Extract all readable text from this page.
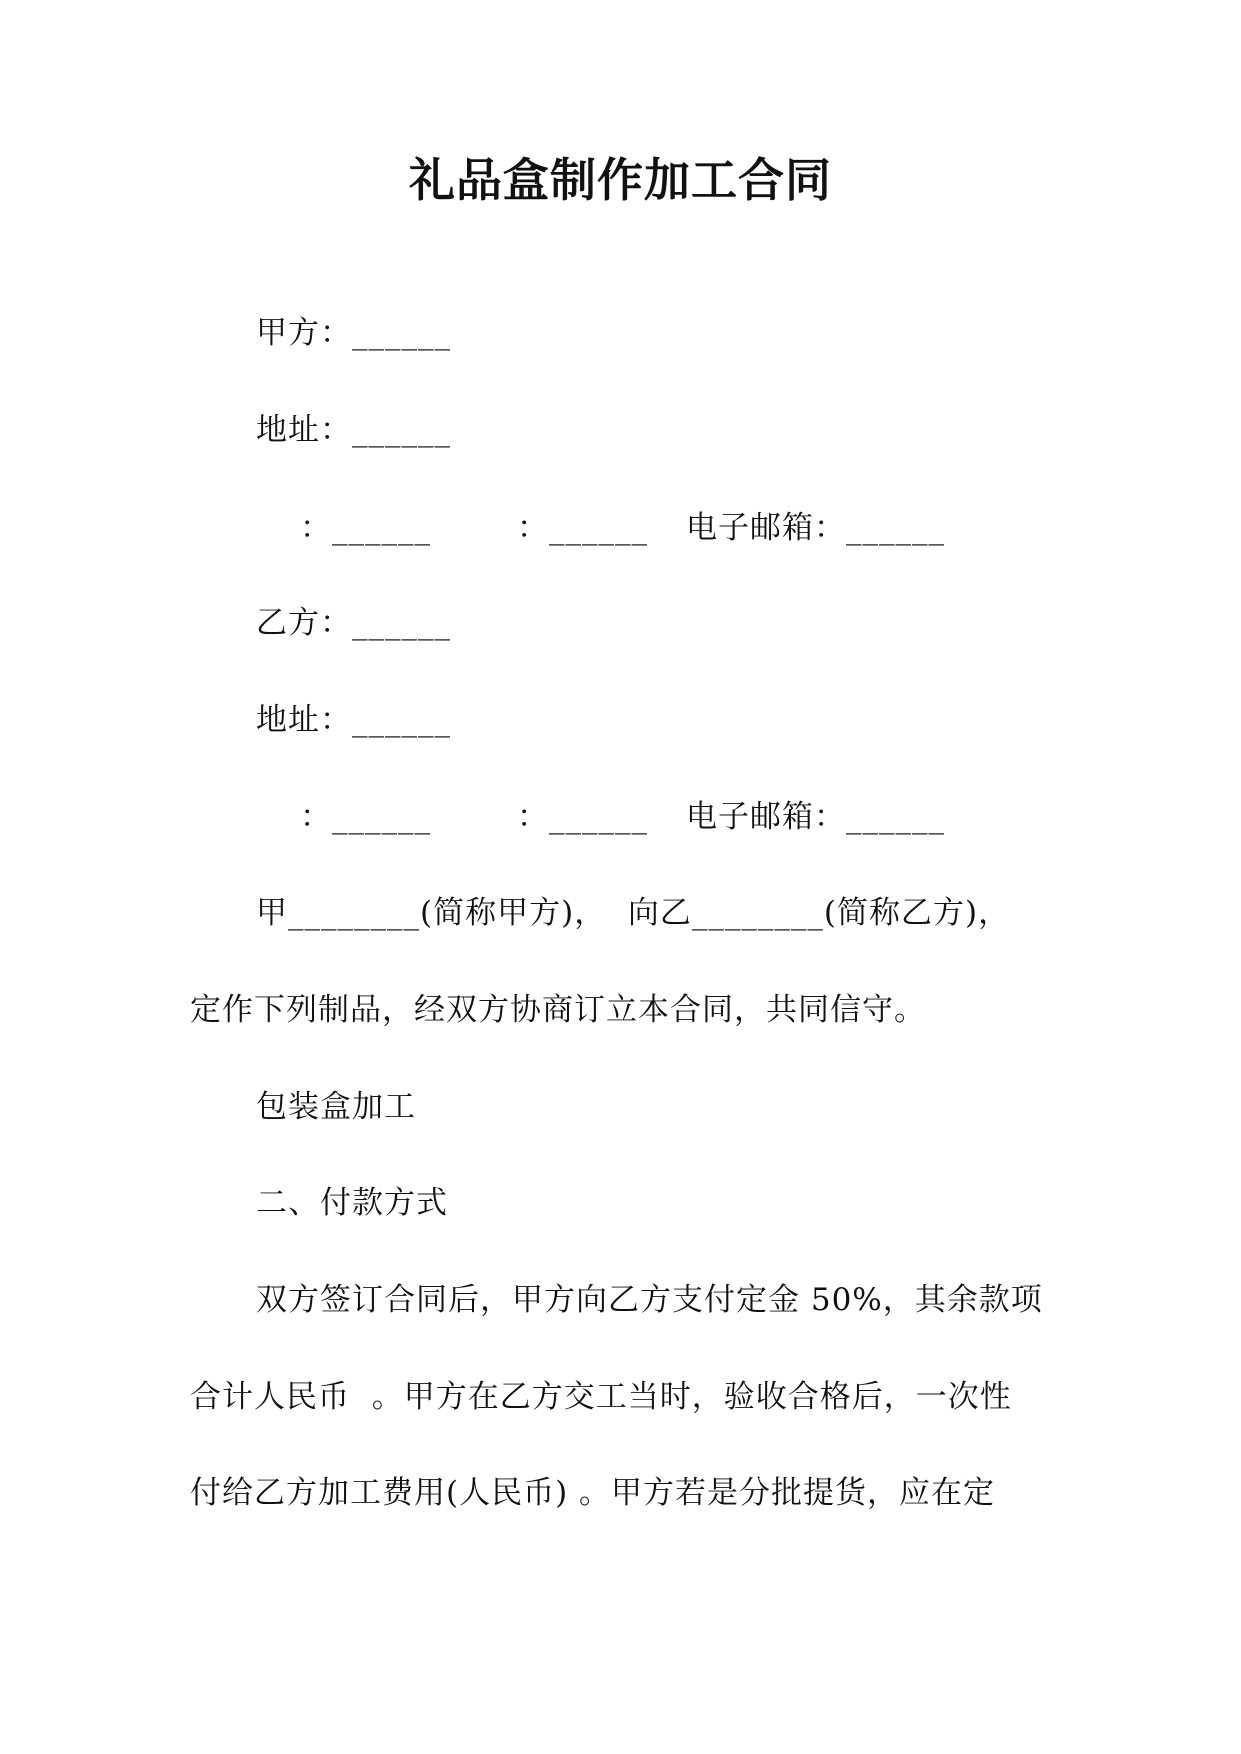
礼品盒制作加工合同
甲方：______
地址：______
：______	：______ 电子邮箱：______
乙方：______
地址：______
：______	：______ 电子邮箱：______
甲________(简称甲方)，  向乙________(简称乙方)，
定作下列制品，经双方协商订立本合同，共同信守。
包装盒加工
二、付款方式
双方签订合同后，甲方向乙方支付定金 50%，其余款项
合计人民币  。甲方在乙方交工当时，验收合格后，一次性
付给乙方加工费用(人民币) 。甲方若是分批提货，应在定
